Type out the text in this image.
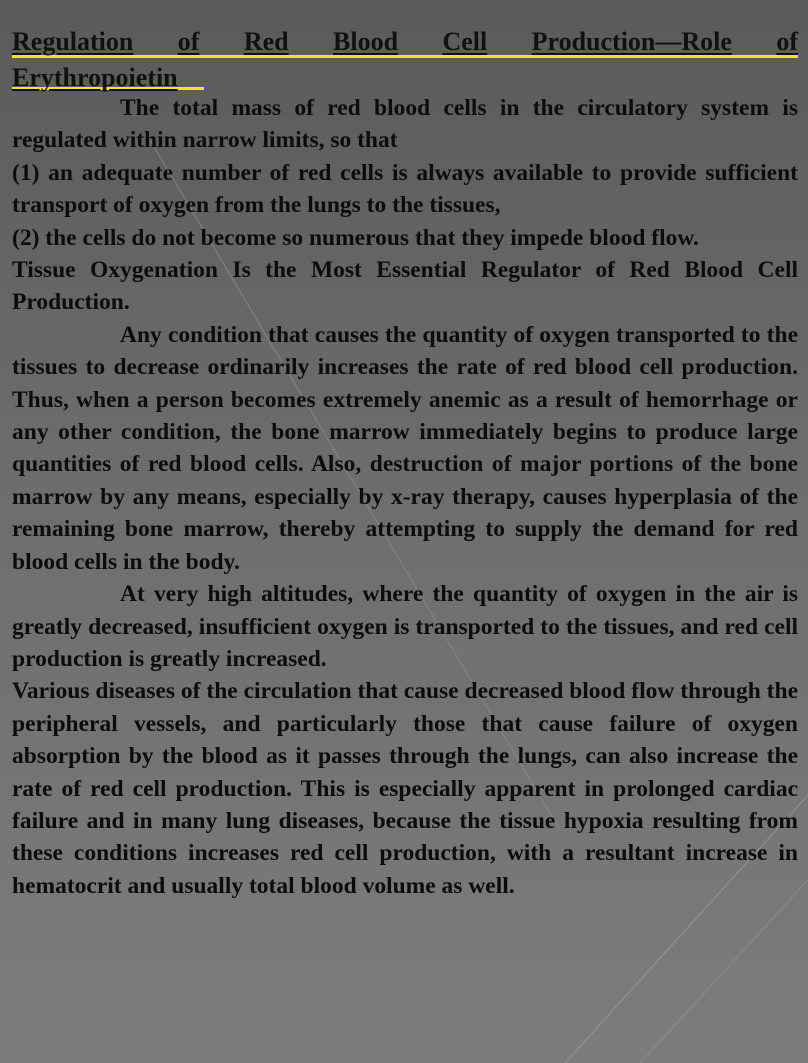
Regulation of Red Blood Cell Production—Role of
Erythropoietin

The total mass of red blood cells in the circulatory system is regulated within narrow limits, so that

(1) an adequate number of red cells is always available to provide sufficient transport of oxygen from the lungs to the tissues,

(2) the cells do not become so numerous that they impede blood flow.

Tissue Oxygenation Is the Most Essential Regulator of Red Blood Cell Production.

Any condition that causes the quantity of oxygen transported to the tissues to decrease ordinarily increases the rate of red blood cell production. Thus, when a person becomes extremely anemic as a result of hemorrhage or any other condition, the bone marrow immediately begins to produce large quantities of red blood cells. Also, destruction of major portions of the bone marrow by any means, especially by x-ray therapy, causes hyperplasia of the remaining bone marrow, thereby attempting to supply the demand for red blood cells in the body.

At very high altitudes, where the quantity of oxygen in the air is greatly decreased, insufficient oxygen is transported to the tissues, and red cell production is greatly increased.

Various diseases of the circulation that cause decreased blood flow through the peripheral vessels, and particularly those that cause failure of oxygen absorption by the blood as it passes through the lungs, can also increase the rate of red cell production. This is especially apparent in prolonged cardiac failure and in many lung diseases, because the tissue hypoxia resulting from these conditions increases red cell production, with a resultant increase in hematocrit and usually total blood volume as well.
